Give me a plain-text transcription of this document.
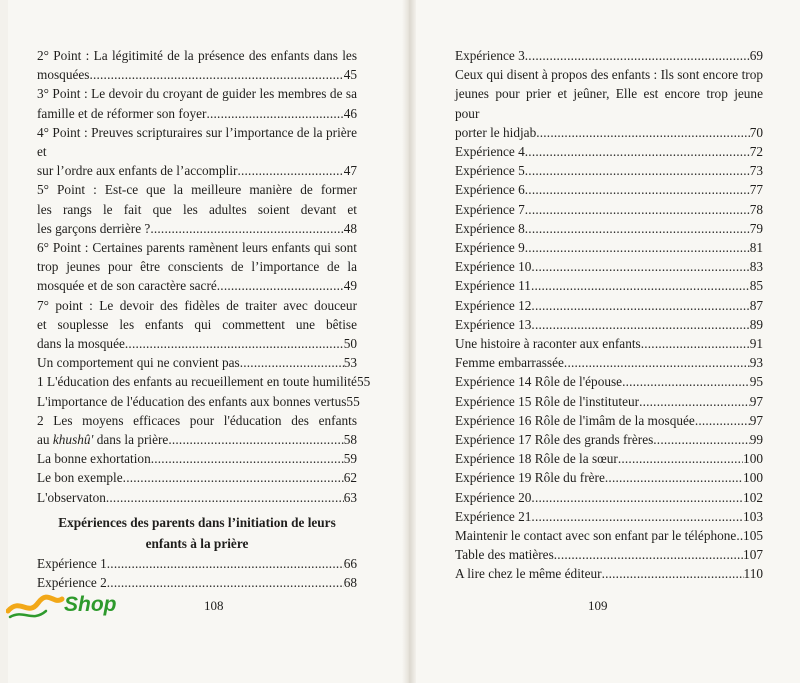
2° Point : La légitimité de la présence des enfants dans les
mosquées .....	45
3° Point : Le devoir du croyant de guider les membres de sa
famille et de réformer son foyer .....	46
4° Point : Preuves scripturaires sur l’importance de la prière et
sur l’ordre aux enfants de l’accomplir .....	47
5° Point : Est-ce que la meilleure manière de former
les rangs le fait que les adultes soient devant et
les garçons derrière ? .....	48
6° Point : Certaines parents ramènent leurs enfants qui sont
trop jeunes pour être conscients de l’importance de la
mosquée et de son caractère sacré .....	49
7° point : Le devoir des fidèles de traiter avec douceur
et souplesse les enfants qui commettent une bêtise
dans la mosquée .....	50
Un comportement qui ne convient pas .....	53
1 L'éducation des enfants au recueillement en toute humilité 55
L'importance de l'éducation des enfants aux bonnes vertus 55
2 Les moyens efficaces pour l'éducation des enfants
au khushû' dans la prière .....	58
La bonne exhortation .....	59
Le bon exemple .....	62
L'observaton .....	63
Expériences des parents dans l’initiation de leurs
enfants à la prière
Expérience 1 .....	66
Expérience 2 .....	68
Expérience 3 .....	69
Ceux qui disent à propos des enfants : Ils sont encore trop
jeunes pour prier et jeûner, Elle est encore trop jeune pour
porter le hidjab .....	70
Expérience 4 .....	72
Expérience 5 .....	73
Expérience 6 .....	77
Expérience 7 .....	78
Expérience 8 .....	79
Expérience 9 .....	81
Expérience 10 .....	83
Expérience 11 .....	85
Expérience 12 .....	87
Expérience 13 .....	89
Une histoire à raconter aux enfants .....	91
Femme embarrassée .....	93
Expérience 14 Rôle de l'épouse .....	95
Expérience 15 Rôle de l'instituteur .....	97
Expérience 16 Rôle de l'imâm de la mosquée .....	97
Expérience 17 Rôle des grands frères .....	99
Expérience 18 Rôle de la sœur .....	100
Expérience 19 Rôle du frère .....	100
Expérience 20 .....	102
Expérience 21 .....	103
Maintenir le contact avec son enfant par le téléphone ..... 105
Table des matières .....	107
A lire chez le même éditeur .....	110
108	109
Shop
